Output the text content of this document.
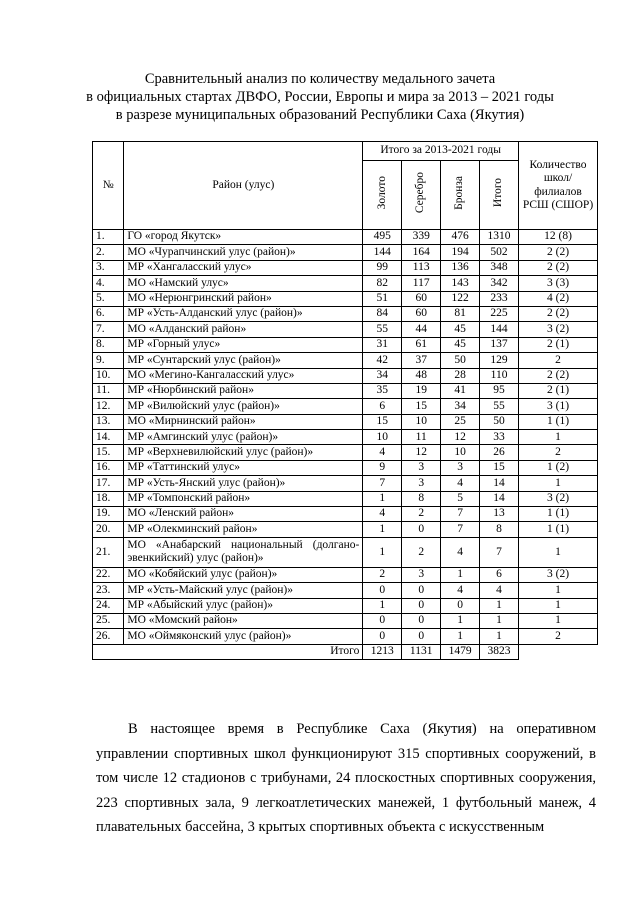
Сравнительный анализ по количеству медального зачета
в официальных стартах ДВФО, России, Европы и мира за 2013 – 2021 годы
в разрезе муниципальных образований Республики Саха (Якутия)
№	Район (улус)	Итого за 2013-2021 годы				Количество школ/ филиалов РСШ (СШОР)
		Золото	Серебро	Бронза	Итого	
1.	ГО «город Якутск»	495	339	476	1310	12 (8)
2.	МО «Чурапчинский улус (район)»	144	164	194	502	2 (2)
3.	МР «Хангаласский улус»	99	113	136	348	2 (2)
4.	МО «Намский улус»	82	117	143	342	3 (3)
5.	МО «Нерюнгринский район»	51	60	122	233	4 (2)
6.	МР «Усть-Алданский улус (район)»	84	60	81	225	2 (2)
7.	МО «Алданский район»	55	44	45	144	3 (2)
8.	МР «Горный улус»	31	61	45	137	2 (1)
9.	МР «Сунтарский улус (район)»	42	37	50	129	2
10.	МО «Мегино-Кангаласский улус»	34	48	28	110	2 (2)
11.	МР «Нюрбинский район»	35	19	41	95	2 (1)
12.	МР «Вилюйский улус (район)»	6	15	34	55	3 (1)
13.	МО «Мирнинский район»	15	10	25	50	1 (1)
14.	МР «Амгинский улус (район)»	10	11	12	33	1
15.	МР «Верхневилюйский улус (район)»	4	12	10	26	2
16.	МР «Таттинский улус»	9	3	3	15	1 (2)
17.	МР «Усть-Янский улус (район)»	7	3	4	14	1
18.	МР «Томпонский район»	1	8	5	14	3 (2)
19.	МО «Ленский район»	4	2	7	13	1 (1)
20.	МР «Олекминский район»	1	0	7	8	1 (1)
21.	МО «Анабарский национальный (долгано-эвенкийский) улус (район)»	1	2	4	7	1
22.	МО «Кобяйский улус (район)»	2	3	1	6	3 (2)
23.	МР «Усть-Майский улус (район)»	0	0	4	4	1
24.	МР «Абыйский улус (район)»	1	0	0	1	1
25.	МО «Момский район»	0	0	1	1	1
26.	МО «Оймяконский улус (район)»	0	0	1	1	2
Итого		1213	1131	1479	3823	
В настоящее время в Республике Саха (Якутия) на оперативном управлении спортивных школ функционируют 315 спортивных сооружений, в том числе 12 стадионов с трибунами, 24 плоскостных спортивных сооружения, 223 спортивных зала, 9 легкоатлетических манежей, 1 футбольный манеж, 4 плавательных бассейна, 3 крытых спортивных объекта с искусственным
